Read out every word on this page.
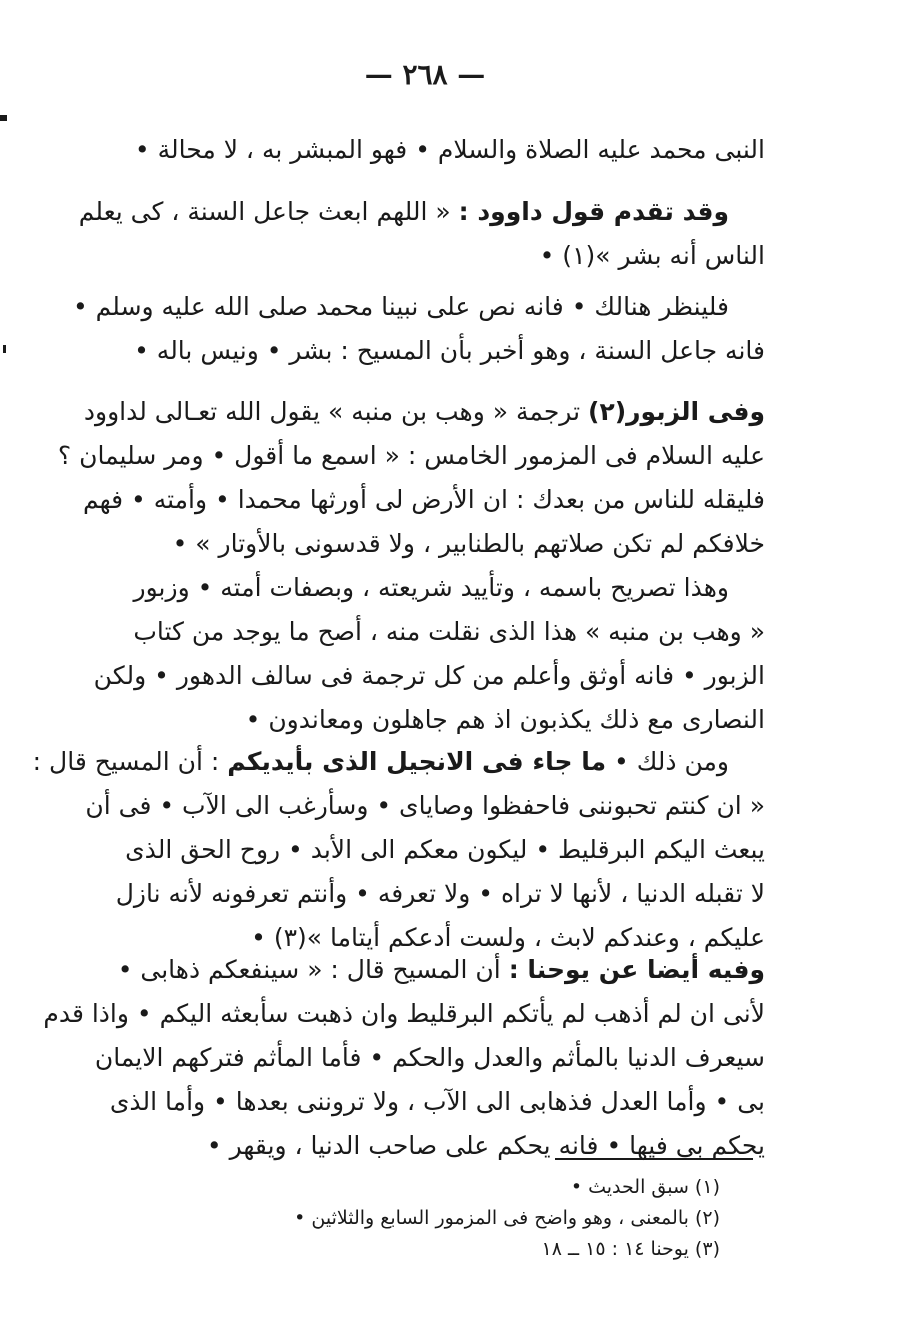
— ٢٦٨ —
النبى محمد عليه الصلاة والسلام • فهو المبشر به ، لا محالة •
وقد تقدم قول داوود : « اللهم ابعث جاعل السنة ، كى يعلم
الناس أنه بشر »(١) •
فلينظر هنالك • فانه نص على نبينا محمد صلى الله عليه وسلم •
فانه جاعل السنة ، وهو أخبر بأن المسيح : بشر • ونيس باله •
وفى الزبور(٢) ترجمة « وهب بن منبه » يقول الله تعـالى لداوود
عليه السلام فى المزمور الخامس : « اسمع ما أقول • ومر سليمان ؟
فليقله للناس من بعدك : ان الأرض لى أورثها محمدا • وأمته • فهم
خلافكم لم تكن صلاتهم بالطنابير ، ولا قدسونى بالأوتار » •
وهذا تصريح باسمه ، وتأييد شريعته ، وبصفات أمته • وزبور
« وهب بن منبه » هذا الذى نقلت منه ، أصح ما يوجد من كتاب
الزبور • فانه أوثق وأعلم من كل ترجمة فى سالف الدهور • ولكن
النصارى مع ذلك يكذبون اذ هم جاهلون ومعاندون •
ومن ذلك • ما جاء فى الانجيل الذى بأيديكم : أن المسيح قال :
« ان كنتم تحبوننى فاحفظوا وصاياى • وسأرغب الى الآب • فى أن
يبعث اليكم البرقليط • ليكون معكم الى الأبد • روح الحق الذى
لا تقبله الدنيا ، لأنها لا تراه • ولا تعرفه • وأنتم تعرفونه لأنه نازل
عليكم ، وعندكم لابث ، ولست أدعكم أيتاما »(٣) •
وفيه أيضا عن يوحنا : أن المسيح قال : « سينفعكم ذهابى •
لأنى ان لم أذهب لم يأتكم البرقليط وان ذهبت سأبعثه اليكم • واذا قدم
سيعرف الدنيا بالمأثم والعدل والحكم • فأما المأثم فتركهم الايمان
بى • وأما العدل فذهابى الى الآب ، ولا تروننى بعدها • وأما الذى
يحكم بى فيها • فانه يحكم على صاحب الدنيا ، ويقهر •
(١) سبق الحديث •
(٢) بالمعنى ، وهو واضح فى المزمور السابع والثلاثين •
(٣) يوحنا ١٤ : ١٥ ــ ١٨
